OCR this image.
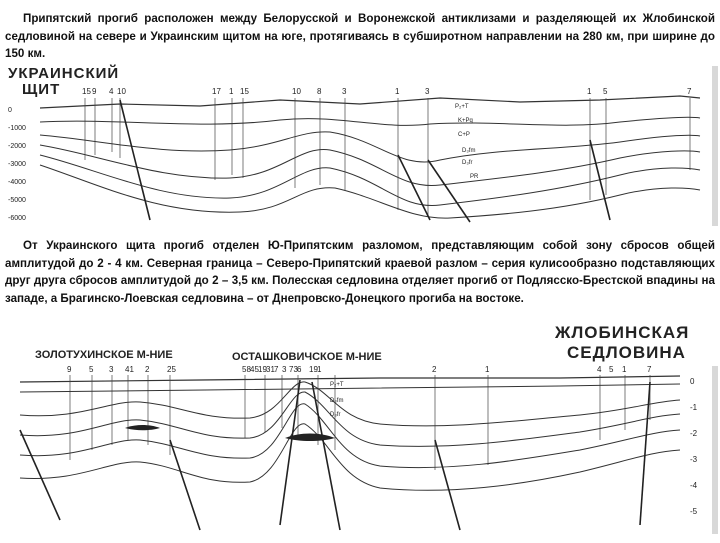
Припятский прогиб расположен между Белорусской и Воронежской антиклизами и разделяющей их Жлобинской седловиной на севере и Украинским щитом на юге, протягиваясь в субширотном направлении на 280 км, при ширине до 150 км.
УКРАИНСКИЙ
ЩИТ
0
-1000
-2000
-3000
-4000
-5000
-6000
15 9 4 10	17 1 15	10 8	3	1	3	1 5	7
P₂+T
K+Pg
C+P
D₃fm
D₃fr
PR
От Украинского щита прогиб отделен Ю-Припятским разломом, представляющим собой зону сбросов общей амплитудой до 2 - 4 км. Северная граница – Северо-Припятский краевой разлом – серия кулисообразно подставляющих друг друга сбросов амплитудой до 2 – 3,5 км. Полесская седловина отделяет прогиб от Подлясско-Брестской впадины на западе, а Брагинско-Лоевская седловина – от Днепровско-Донецкого прогиба на востоке.
ЖЛОБИНСКАЯ
СЕДЛОВИНА
ЗОЛОТУХИНСКОЕ М-НИЕ	ОСТАШКОВИЧСКОЕ М-НИЕ
9 5 3 41 2 25	58 45 19 31 7 3 73 6 19 1	2	1	4 5 1	7
0
-1
-2
-3
-4
-5
P₂+T
D₃fm
D₃fr
